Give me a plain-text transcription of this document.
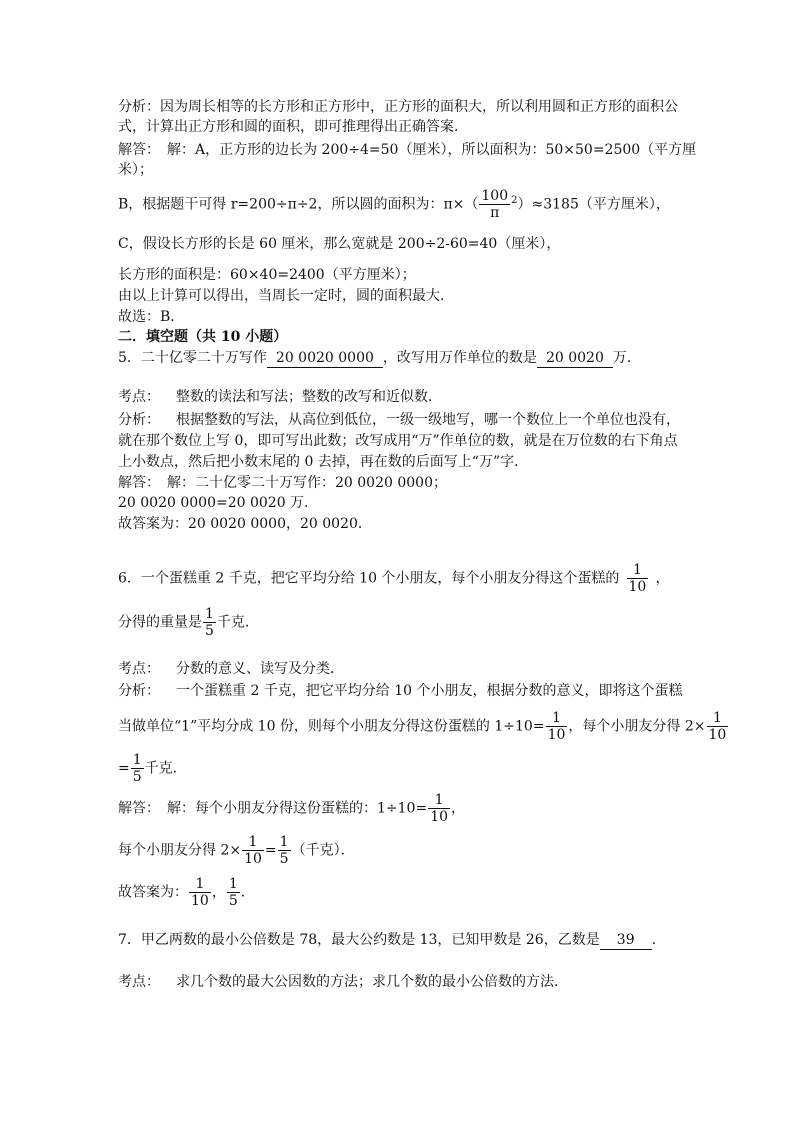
分析：因为周长相等的长方形和正方形中，正方形的面积大，所以利用圆和正方形的面积公
式，计算出正方形和圆的面积，即可推理得出正确答案．
解答：　解：A，正方形的边长为 200÷4=50（厘米），所以面积为：50×50=2500（平方厘
米）；
B，根据题干可得 r=200÷π÷2，所以圆的面积为：$\pi\times( \frac{100}{\pi} ^2)\approx 3185$（平方厘米），
C，假设长方形的长是 60 厘米，那么宽就是 200÷2-60=40（厘米），
长方形的面积是：60×40=2400（平方厘米）；
由以上计算可以得出，当周长一定时，圆的面积最大．
故选：B．
二．填空题（共 10 小题）
5．二十亿零二十万写作 20 0020 0000 ，改写用万作单位的数是 20 0020 万．
考点： 整数的读法和写法；整数的改写和近似数．
分析： 根据整数的写法，从高位到低位，一级一级地写，哪一个数位上一个单位也没有，
就在那个数位上写 0，即可写出此数；改写成用“万”作单位的数，就是在万位数的右下角点
上小数点，然后把小数末尾的 0 去掉，再在数的后面写上“万”字．
解答：　解：二十亿零二十万写作：20 0020 0000；
20 0020 0000=20 0020 万．
故答案为：20 0020 0000，20 0020．
6．一个蛋糕重 2 千克，把它平均分给 10 个小朋友，每个小朋友分得这个蛋糕的 $\frac{1}{10}$ ，
分得的重量是 $\frac{1}{5}$ 千克．
考点： 分数的意义、读写及分类．
分析： 一个蛋糕重 2 千克，把它平均分给 10 个小朋友，根据分数的意义，即将这个蛋糕
当做单位“1”平均分成 10 份，则每个小朋友分得这份蛋糕的 $1\div 10= \frac{1}{10}$ ，每个小朋友分得 $2\times \frac{1}{10}$
= $\frac{1}{5}$ 千克．
解答：　解：每个小朋友分得这份蛋糕的：$1\div 10= \frac{1}{10}$ ，
每个小朋友分得 $2\times \frac{1}{10} = \frac{1}{5}$ （千克）．
故答案为： $\frac{1}{10}$ ， $\frac{1}{5}$ ．
7．甲乙两数的最小公倍数是 78，最大公约数是 13，已知甲数是 26，乙数是 39 ．
考点： 求几个数的最大公因数的方法；求几个数的最小公倍数的方法．
